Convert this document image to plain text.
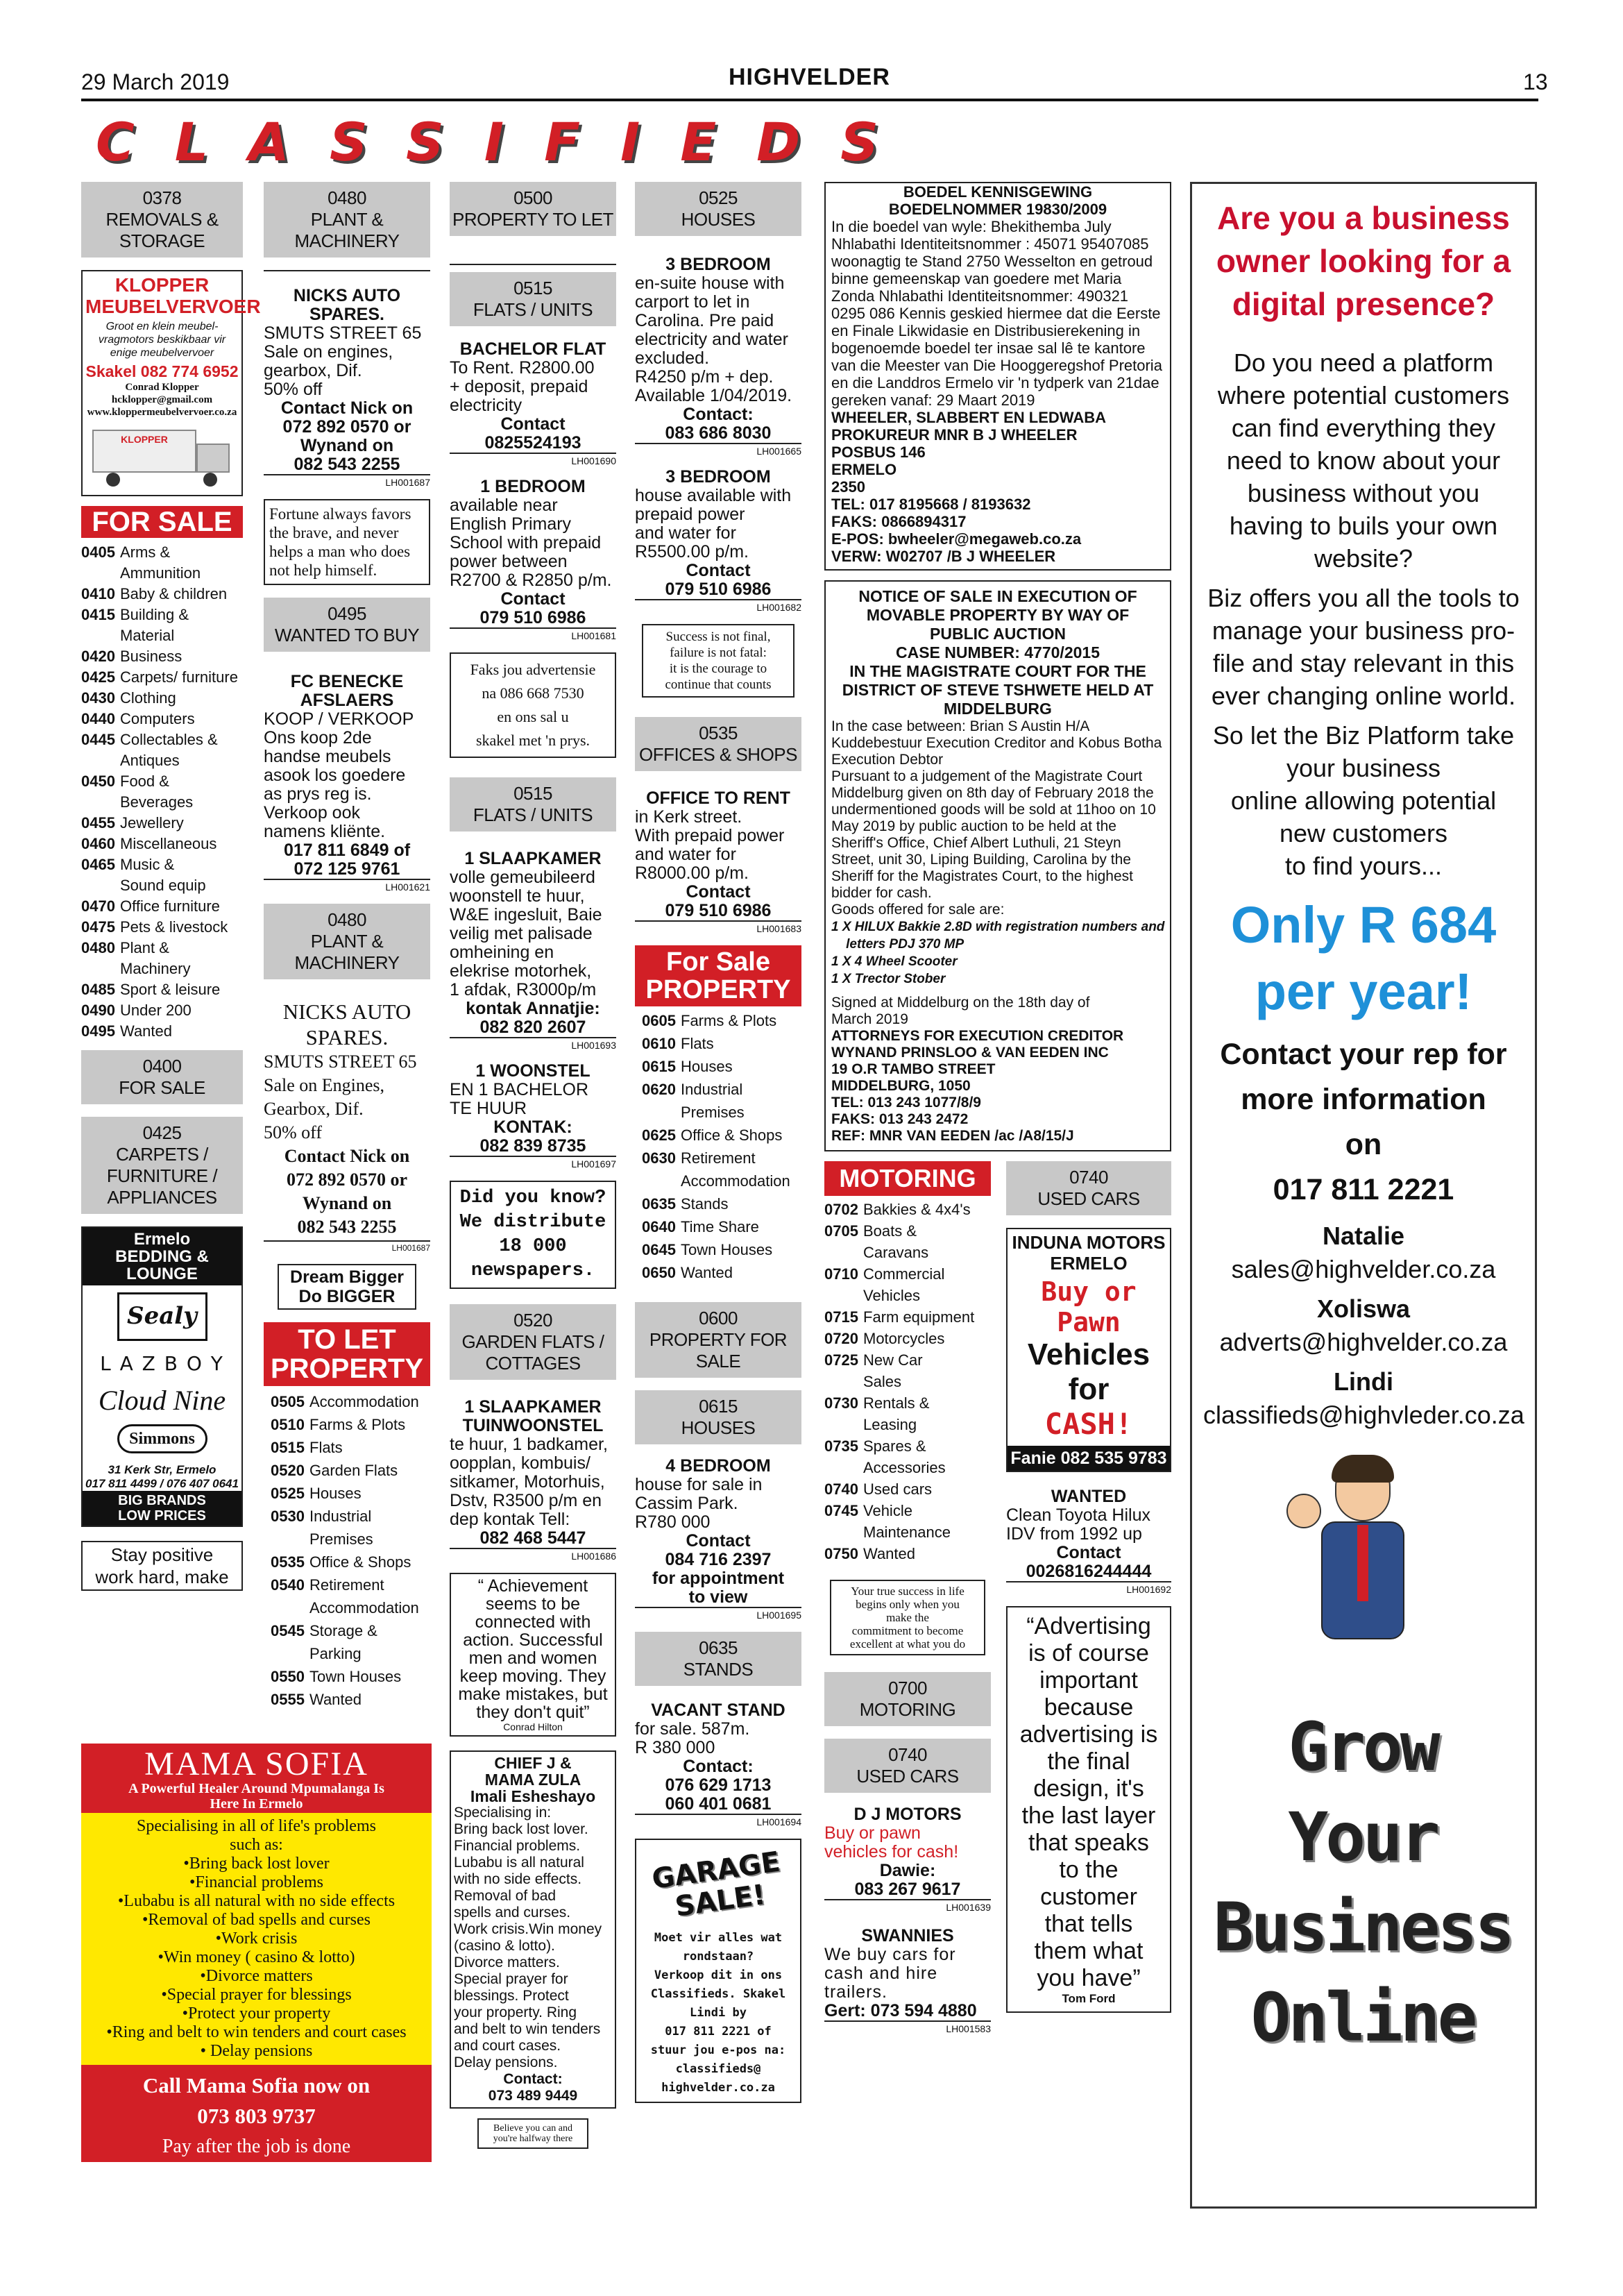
29 March 2019	HIGHVELDER	13
CLASSIFIEDS
0378
REMOVALS &
STORAGE
KLOPPER
MEUBELVERVOER
Groot en klein meubel-
vragmotors beskikbaar vir
enige meubelvervoer
Skakel 082 774 6952
Conrad Klopper
hcklopper@gmail.com
www.kloppermeubelvervoer.co.za
KLOPPER
FOR SALE
0405 Arms &
Ammunition
0410 Baby & children
0415 Building &
Material
0420 Business
0425 Carpets/ furniture
0430 Clothing
0440 Computers
0445 Collectables &
Antiques
0450 Food &
Beverages
0455 Jewellery
0460 Miscellaneous
0465 Music &
Sound equip
0470 Office furniture
0475 Pets & livestock
0480 Plant &
Machinery
0485 Sport & leisure
0490 Under 200
0495 Wanted
0400
FOR SALE
0425
CARPETS /
FURNITURE /
APPLIANCES
Ermelo
BEDDING &
LOUNGE
Sealy
L A Z B O Y
Cloud Nine
Simmons
31 Kerk Str, Ermelo
017 811 4499 / 076 407 0641
BIG BRANDS
LOW PRICES
Stay positive
work hard, make
0480
PLANT &
MACHINERY
NICKS AUTO
SPARES.
SMUTS STREET 65
Sale on engines,
gearbox, Dif.
50% off
Contact Nick on
072 892 0570 or
Wynand on
082 543 2255
LH001687
Fortune always favors
the brave, and never
helps a man who does
not help himself.
0495
WANTED TO BUY
FC BENECKE
AFSLAERS
KOOP / VERKOOP
Ons koop 2de
handse meubels
asook los goedere
as prys reg is.
Verkoop ook
namens kliënte.
017 811 6849 of
072 125 9761
LH001621
0480
PLANT &
MACHINERY
NICKS AUTO
SPARES.
SMUTS STREET 65
Sale on Engines,
Gearbox, Dif.
50% off
Contact Nick on
072 892 0570 or
Wynand on
082 543 2255
LH001687
Dream Bigger
Do BIGGER
TO LET
PROPERTY
0505 Accommodation
0510 Farms & Plots
0515 Flats
0520 Garden Flats
0525 Houses
0530 Industrial
Premises
0535 Office & Shops
0540 Retirement
Accommodation
0545 Storage &
Parking
0550 Town Houses
0555 Wanted
0500
PROPERTY TO LET
0515
FLATS / UNITS
BACHELOR FLAT
To Rent. R2800.00
+ deposit, prepaid
electricity
Contact
0825524193
LH001690
1 BEDROOM
available near
English Primary
School with prepaid
power between
R2700 & R2850 p/m.
Contact
079 510 6986
LH001681
Faks jou advertensie
na 086 668 7530
en ons sal u
skakel met 'n prys.
0515
FLATS / UNITS
1 SLAAPKAMER
volle gemeubileerd
woonstell te huur,
W&E ingesluit, Baie
veilig met palisade
omheining en
elekrise motorhek,
1 afdak, R3000p/m
kontak Annatjie:
082 820 2607
LH001693
1 WOONSTEL
EN 1 BACHELOR
TE HUUR
KONTAK:
082 839 8735
LH001697
Did you know?
We distribute
18 000
newspapers.
0520
GARDEN FLATS /
COTTAGES
1 SLAAPKAMER
TUINWOONSTEL
te huur, 1 badkamer,
oopplan, kombuis/
sitkamer, Motorhuis,
Dstv, R3500 p/m en
dep kontak Tell:
082 468 5447
LH001686
“ Achievement
seems to be
connected with
action. Successful
men and women
keep moving. They
make mistakes, but
they don't quit”
Conrad Hilton
CHIEF J &
MAMA ZULA
Imali Esheshayo
Specialising in:
Bring back lost lover.
Financial problems.
Lubabu is all natural
with no side effects.
Removal of bad
spells and curses.
Work crisis.Win money
(casino & lotto).
Divorce matters.
Special prayer for
blessings. Protect
your property. Ring
and belt to win tenders
and court cases.
Delay pensions.
Contact:
073 489 9449
Believe you can and
you're halfway there
0525
HOUSES
3 BEDROOM
en-suite house with
carport to let in
Carolina. Pre paid
electricity and water
excluded.
R4250 p/m + dep.
Available 1/04/2019.
Contact:
083 686 8030
LH001665
3 BEDROOM
house available with
prepaid power
and water for
R5500.00 p/m.
Contact
079 510 6986
LH001682
Success is not final,
failure is not fatal:
it is the courage to
continue that counts
0535
OFFICES & SHOPS
OFFICE TO RENT
in Kerk street.
With prepaid power
and water for
R8000.00 p/m.
Contact
079 510 6986
LH001683
For Sale
PROPERTY
0605 Farms & Plots
0610 Flats
0615 Houses
0620 Industrial
Premises
0625 Office & Shops
0630 Retirement
Accommodation
0635 Stands
0640 Time Share
0645 Town Houses
0650 Wanted
0600
PROPERTY FOR
SALE
0615
HOUSES
4 BEDROOM
house for sale in
Cassim Park.
R780 000
Contact
084 716 2397
for appointment
to view
LH001695
0635
STANDS
VACANT STAND
for sale. 587m.
R 380 000
Contact:
076 629 1713
060 401 0681
LH001694
GARAGE
SALE!
Moet vir alles wat
rondstaan?
Verkoop dit in ons
Classifieds. Skakel
Lindi by
017 811 2221 of
stuur jou e-pos na:
classifieds@
highvelder.co.za
BOEDEL KENNISGEWING
BOEDELNOMMER 19830/2009
In die boedel van wyle: Bhekithemba July Nhlabathi Identiteitsnommer : 45071 95407085 woonagtig te Stand 2750 Wesselton en getroud binne gemeenskap van goedere met Maria Zonda Nhlabathi Identiteitsnommer: 490321 0295 086 Kennis geskied hiermee dat die Eerste en Finale Likwidasie en Distribusierekening in bogenoemde boedel ter insae sal lê te kantore van die Meester van Die Hooggeregshof Pretoria en die Landdros Ermelo vir 'n tydperk van 21dae gereken vanaf: 29 Maart 2019
WHEELER, SLABBERT EN LEDWABA
PROKUREUR MNR B J WHEELER
POSBUS 146
ERMELO
2350
TEL: 017 8195668 / 8193632
FAKS: 0866894317
E-POS: bwheeler@megaweb.co.za
VERW: W02707 /B J WHEELER
NOTICE OF SALE IN EXECUTION OF
MOVABLE PROPERTY BY WAY OF
PUBLIC AUCTION
CASE NUMBER: 4770/2015
IN THE MAGISTRATE COURT FOR THE
DISTRICT OF STEVE TSHWETE HELD AT
MIDDELBURG
In the case between: Brian S Austin H/A Kuddebestuur Execution Creditor and Kobus Botha Execution Debtor
Pursuant to a judgement of the Magistrate Court Middelburg given on 8th day of February 2018 the undermentioned goods will be sold at 11hoo on 10 May 2019 by public auction to be held at the Sheriff's Office, Chief Albert Luthuli, 21 Steyn Street, unit 30, Liping Building, Carolina by the Sheriff for the Magistrates Court, to the highest bidder for cash.
Goods offered for sale are:
1 X HILUX Bakkie 2.8D with registration numbers and
letters PDJ 370 MP
1 X 4 Wheel Scooter
1 X Trector Stober
Signed at Middelburg on the 18th day of
March 2019
ATTORNEYS FOR EXECUTION CREDITOR
WYNAND PRINSLOO & VAN EEDEN INC
19 O.R TAMBO STREET
MIDDELBURG, 1050
TEL: 013 243 1077/8/9
FAKS: 013 243 2472
REF: MNR VAN EEDEN /ac /A8/15/J
MOTORING
0702 Bakkies & 4x4's
0705 Boats &
Caravans
0710 Commercial
Vehicles
0715 Farm equipment
0720 Motorcycles
0725 New Car
Sales
0730 Rentals &
Leasing
0735 Spares &
Accessories
0740 Used cars
0745 Vehicle
Maintenance
0750 Wanted
Your true success in life
begins only when you
make the
commitment to become
excellent at what you do
0700
MOTORING
0740
USED CARS
D J MOTORS
Buy or pawn
vehicles for cash!
Dawie:
083 267 9617
LH001639
SWANNIES
We buy cars for
cash and hire
trailers.
Gert: 073 594 4880
LH001583
0740
USED CARS
INDUNA MOTORS
ERMELO
Buy or
Pawn
Vehicles
for
CASH!
Fanie 082 535 9783
WANTED
Clean Toyota Hilux
IDV from 1992 up
Contact
0026816244444
LH001692
“Advertising
is of course
important
because
advertising is
the final
design, it's
the last layer
that speaks
to the
customer
that tells
them what
you have”
Tom Ford
Are you a business
owner looking for a
digital presence?

Do you need a platform
where potential customers
can find everything they
need to know about your
business without you
having to buils your own
website?

Biz offers you all the tools to
manage your business pro-
file and stay relevant in this
ever changing online world.

So let the Biz Platform take
your business
online allowing potential
new customers
to find yours...

Only R 684
per year!
Contact your rep for
more information
on
017 811 2221
Natalie

sales@highvelder.co.za

Xoliswa

adverts@highvelder.co.za

Lindi

classifieds@highvleder.co.za

Grow
Your
Business
Online
MAMA SOFIA
A Powerful Healer Around Mpumalanga Is
Here In Ermelo
Specialising in all of life's problems
such as:
•Bring back lost lover
•Financial problems
•Lubabu is all natural with no side effects
•Removal of bad spells and curses
•Work crisis
•Win money ( casino & lotto)
•Divorce matters
•Special prayer for blessings
•Protect your property
•Ring and belt to win tenders and court cases
• Delay pensions
Call Mama Sofia now on
073 803 9737
Pay after the job is done
